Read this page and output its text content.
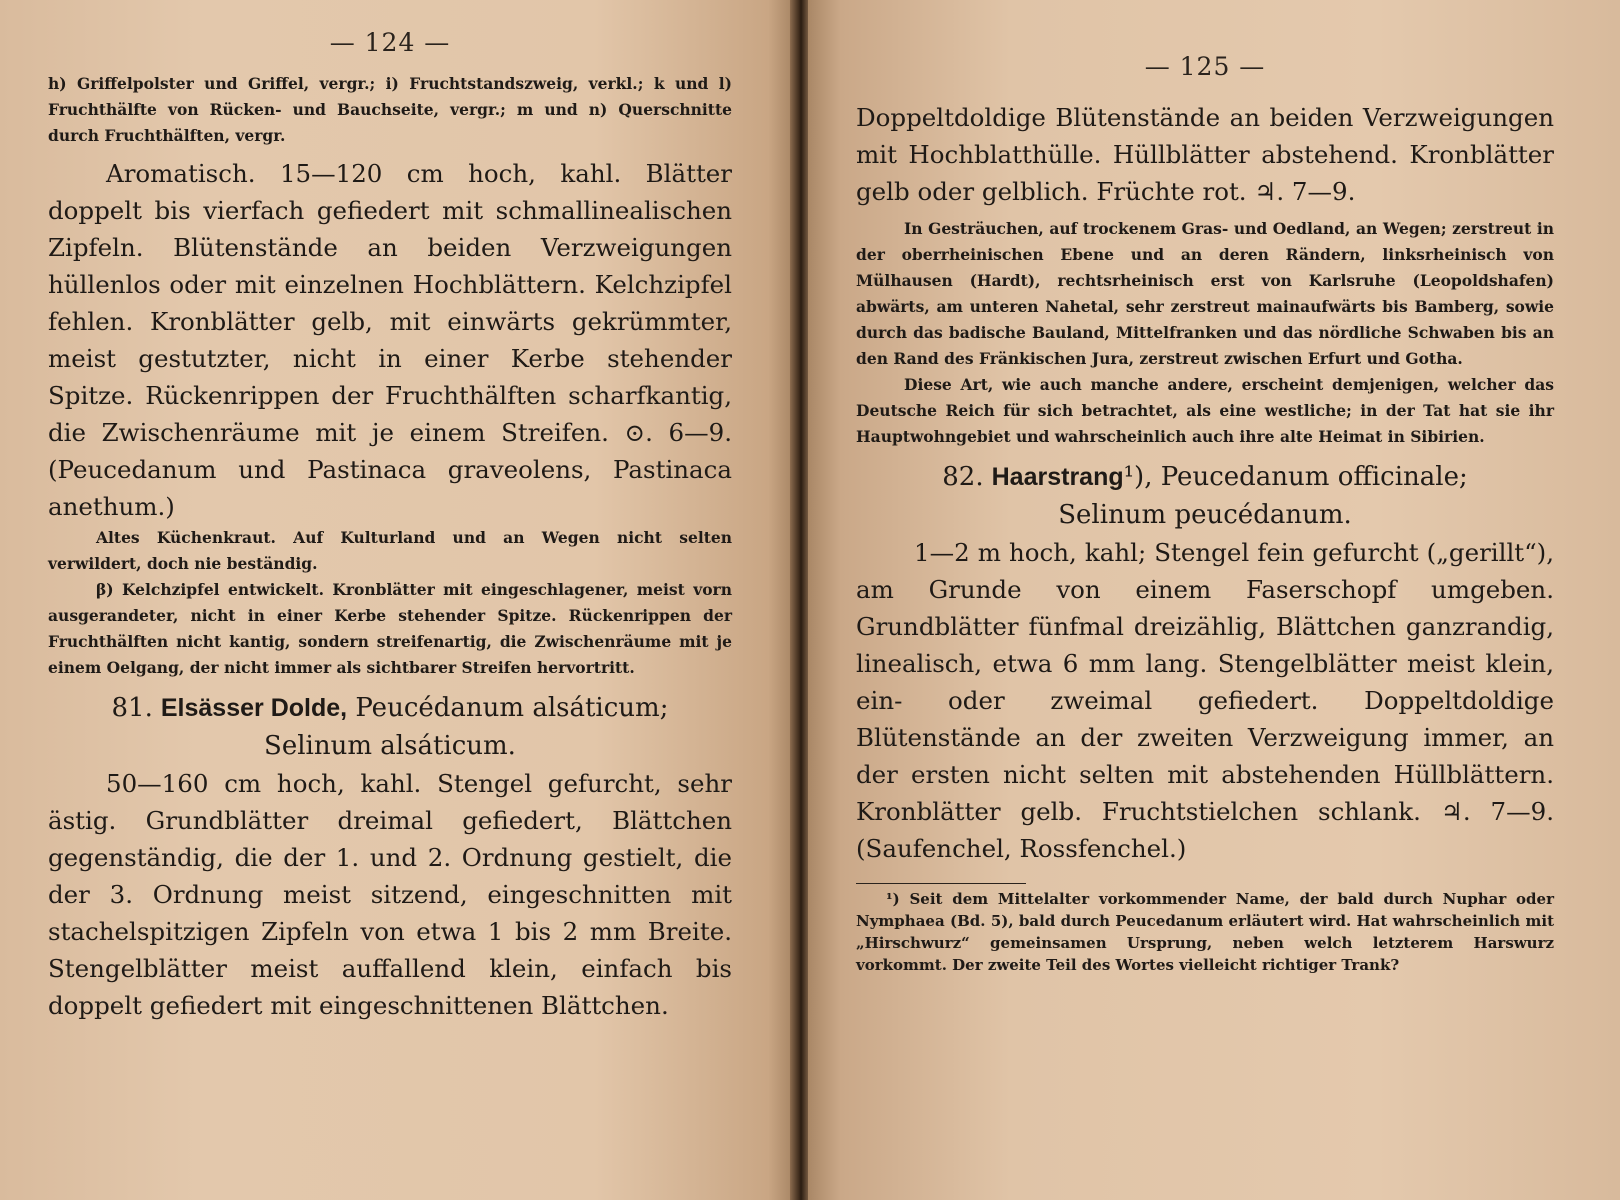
— 124 —

h) Griffelpolster und Griffel, vergr.; i) Fruchtstandszweig, verkl.; k und l) Fruchthälfte von Rücken- und Bauchseite, vergr.; m und n) Querschnitte durch Fruchthälften, vergr.

Aromatisch. 15—120 cm hoch, kahl. Blätter doppelt bis vierfach gefiedert mit schmallinealischen Zipfeln. Blütenstände an beiden Verzweigungen hüllenlos oder mit einzelnen Hochblättern. Kelchzipfel fehlen. Kronblätter gelb, mit einwärts gekrümmter, meist gestutzter, nicht in einer Kerbe stehender Spitze. Rückenrippen der Fruchthälften scharfkantig, die Zwischenräume mit je einem Streifen. ⊙. 6—9. (Peucedanum und Pastinaca graveolens, Pastinaca anethum.)

Altes Küchenkraut. Auf Kulturland und an Wegen nicht selten verwildert, doch nie beständig.

β) Kelchzipfel entwickelt. Kronblätter mit eingeschlagener, meist vorn ausgerandeter, nicht in einer Kerbe stehender Spitze. Rückenrippen der Fruchthälften nicht kantig, sondern streifenartig, die Zwischenräume mit je einem Oelgang, der nicht immer als sichtbarer Streifen hervortritt.

81. Elsässer Dolde, Peucédanum alsáticum;
Selinum alsáticum.

50—160 cm hoch, kahl. Stengel gefurcht, sehr ästig. Grundblätter dreimal gefiedert, Blättchen gegenständig, die der 1. und 2. Ordnung gestielt, die der 3. Ordnung meist sitzend, eingeschnitten mit stachelspitzigen Zipfeln von etwa 1 bis 2 mm Breite. Stengelblätter meist auffallend klein, einfach bis doppelt gefiedert mit eingeschnittenen Blättchen.

— 125 —

Doppeltdoldige Blütenstände an beiden Verzweigungen mit Hochblatthülle. Hüllblätter abstehend. Kronblätter gelb oder gelblich. Früchte rot. ♃. 7—9.

In Gesträuchen, auf trockenem Gras- und Oedland, an Wegen; zerstreut in der oberrheinischen Ebene und an deren Rändern, linksrheinisch von Mülhausen (Hardt), rechtsrheinisch erst von Karlsruhe (Leopoldshafen) abwärts, am unteren Nahetal, sehr zerstreut mainaufwärts bis Bamberg, sowie durch das badische Bauland, Mittelfranken und das nördliche Schwaben bis an den Rand des Fränkischen Jura, zerstreut zwischen Erfurt und Gotha.

Diese Art, wie auch manche andere, erscheint demjenigen, welcher das Deutsche Reich für sich betrachtet, als eine westliche; in der Tat hat sie ihr Hauptwohngebiet und wahrscheinlich auch ihre alte Heimat in Sibirien.

82. Haarstrang¹), Peucedanum officinale;
Selinum peucédanum.

1—2 m hoch, kahl; Stengel fein gefurcht („gerillt“), am Grunde von einem Faserschopf umgeben. Grundblätter fünfmal dreizählig, Blättchen ganzrandig, linealisch, etwa 6 mm lang. Stengelblätter meist klein, ein- oder zweimal gefiedert. Doppeltdoldige Blütenstände an der zweiten Verzweigung immer, an der ersten nicht selten mit abstehenden Hüllblättern. Kronblätter gelb. Fruchtstielchen schlank. ♃. 7—9. (Saufenchel, Rossfenchel.)

¹) Seit dem Mittelalter vorkommender Name, der bald durch Nuphar oder Nymphaea (Bd. 5), bald durch Peucedanum erläutert wird. Hat wahrscheinlich mit „Hirschwurz“ gemeinsamen Ursprung, neben welch letzterem Harswurz vorkommt. Der zweite Teil des Wortes vielleicht richtiger Trank?
